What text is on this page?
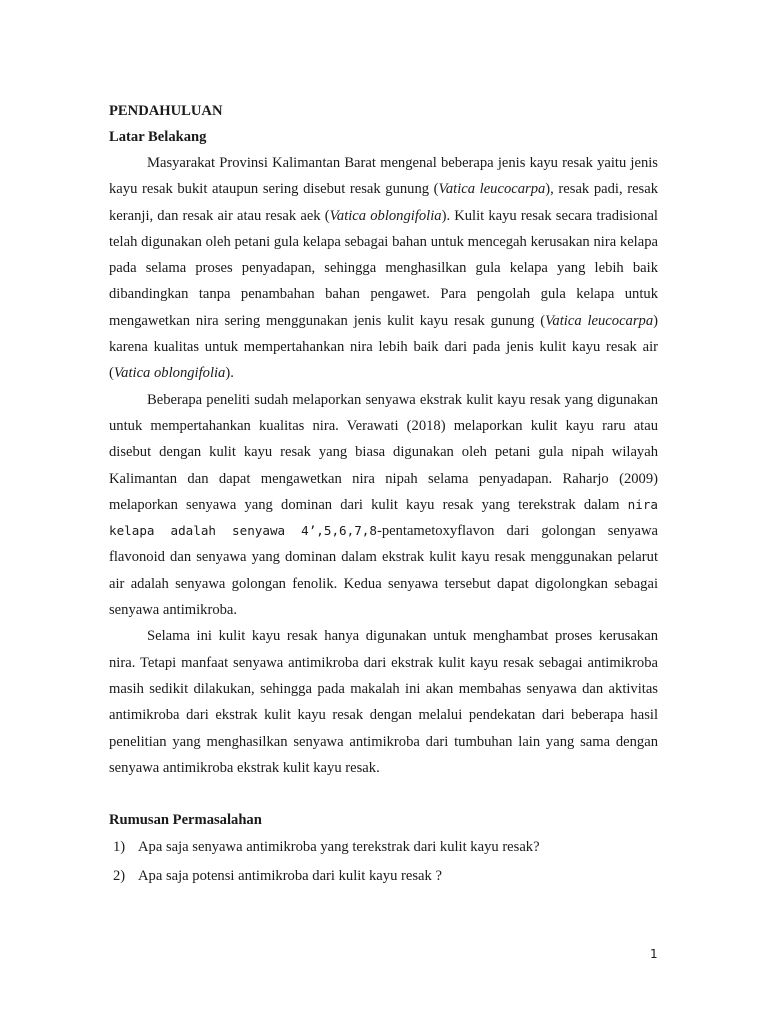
PENDAHULUAN

Latar Belakang

Masyarakat Provinsi Kalimantan Barat mengenal beberapa jenis kayu resak yaitu jenis kayu resak bukit ataupun sering disebut resak gunung (Vatica leucocarpa), resak padi, resak keranji, dan resak air atau resak aek (Vatica oblongifolia). Kulit kayu resak secara tradisional telah digunakan oleh petani gula kelapa sebagai bahan untuk mencegah kerusakan nira kelapa pada selama proses penyadapan, sehingga menghasilkan gula kelapa yang lebih baik dibandingkan tanpa penambahan bahan pengawet. Para pengolah gula kelapa untuk mengawetkan nira sering menggunakan jenis kulit kayu resak gunung (Vatica leucocarpa) karena kualitas untuk mempertahankan nira lebih baik dari pada jenis kulit kayu resak air (Vatica oblongifolia).

Beberapa peneliti sudah melaporkan senyawa ekstrak kulit kayu resak yang digunakan untuk mempertahankan kualitas nira. Verawati (2018) melaporkan kulit kayu raru atau disebut dengan kulit kayu resak yang biasa digunakan oleh petani gula nipah wilayah Kalimantan dan dapat mengawetkan nira nipah selama penyadapan. Raharjo (2009) melaporkan senyawa yang dominan dari kulit kayu resak yang terekstrak dalam nira kelapa adalah senyawa 4’,5,6,7,8-pentametoxyflavon dari golongan senyawa flavonoid dan senyawa yang dominan dalam ekstrak kulit kayu resak menggunakan pelarut air adalah senyawa golongan fenolik. Kedua senyawa tersebut dapat digolongkan sebagai senyawa antimikroba.

Selama ini kulit kayu resak hanya digunakan untuk menghambat proses kerusakan nira. Tetapi manfaat senyawa antimikroba dari ekstrak kulit kayu resak sebagai antimikroba masih sedikit dilakukan, sehingga pada makalah ini akan membahas senyawa dan aktivitas antimikroba dari ekstrak kulit kayu resak dengan melalui pendekatan dari beberapa hasil penelitian yang menghasilkan senyawa antimikroba dari tumbuhan lain yang sama dengan senyawa antimikroba ekstrak kulit kayu resak.

Rumusan Permasalahan

1) Apa saja senyawa antimikroba yang terekstrak dari kulit kayu resak?
2) Apa saja potensi antimikroba dari kulit kayu resak ?
1
